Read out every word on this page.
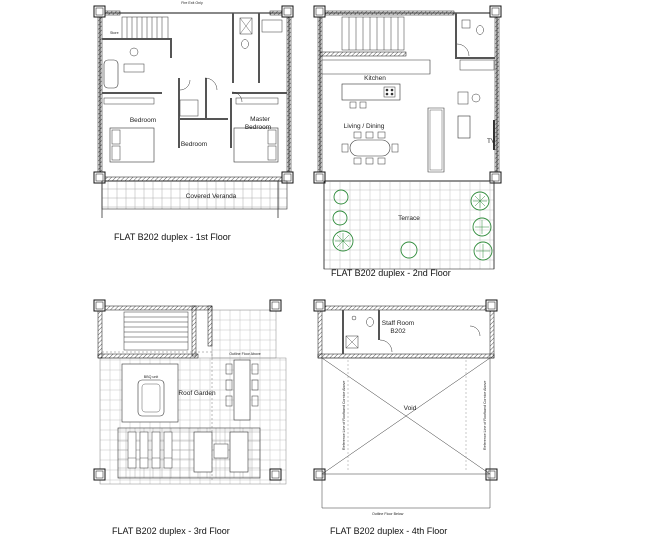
Fire Exit Only
Store
Bedroom
Bedroom
Master
Bedroom
Covered Veranda
Kitchen
Living / Dining
TV
Terrace
Outline Floor Above
BBQ unit
Roof Garden
Staff Room
B202
Void
Reference Line of Roofband Cornice Above	Reference Line of Roofband Cornice Above
Outline Floor Below
FLAT B202 duplex - 1st Floor
FLAT B202 duplex - 2nd Floor
FLAT B202 duplex - 3rd Floor	FLAT B202 duplex - 4th Floor
